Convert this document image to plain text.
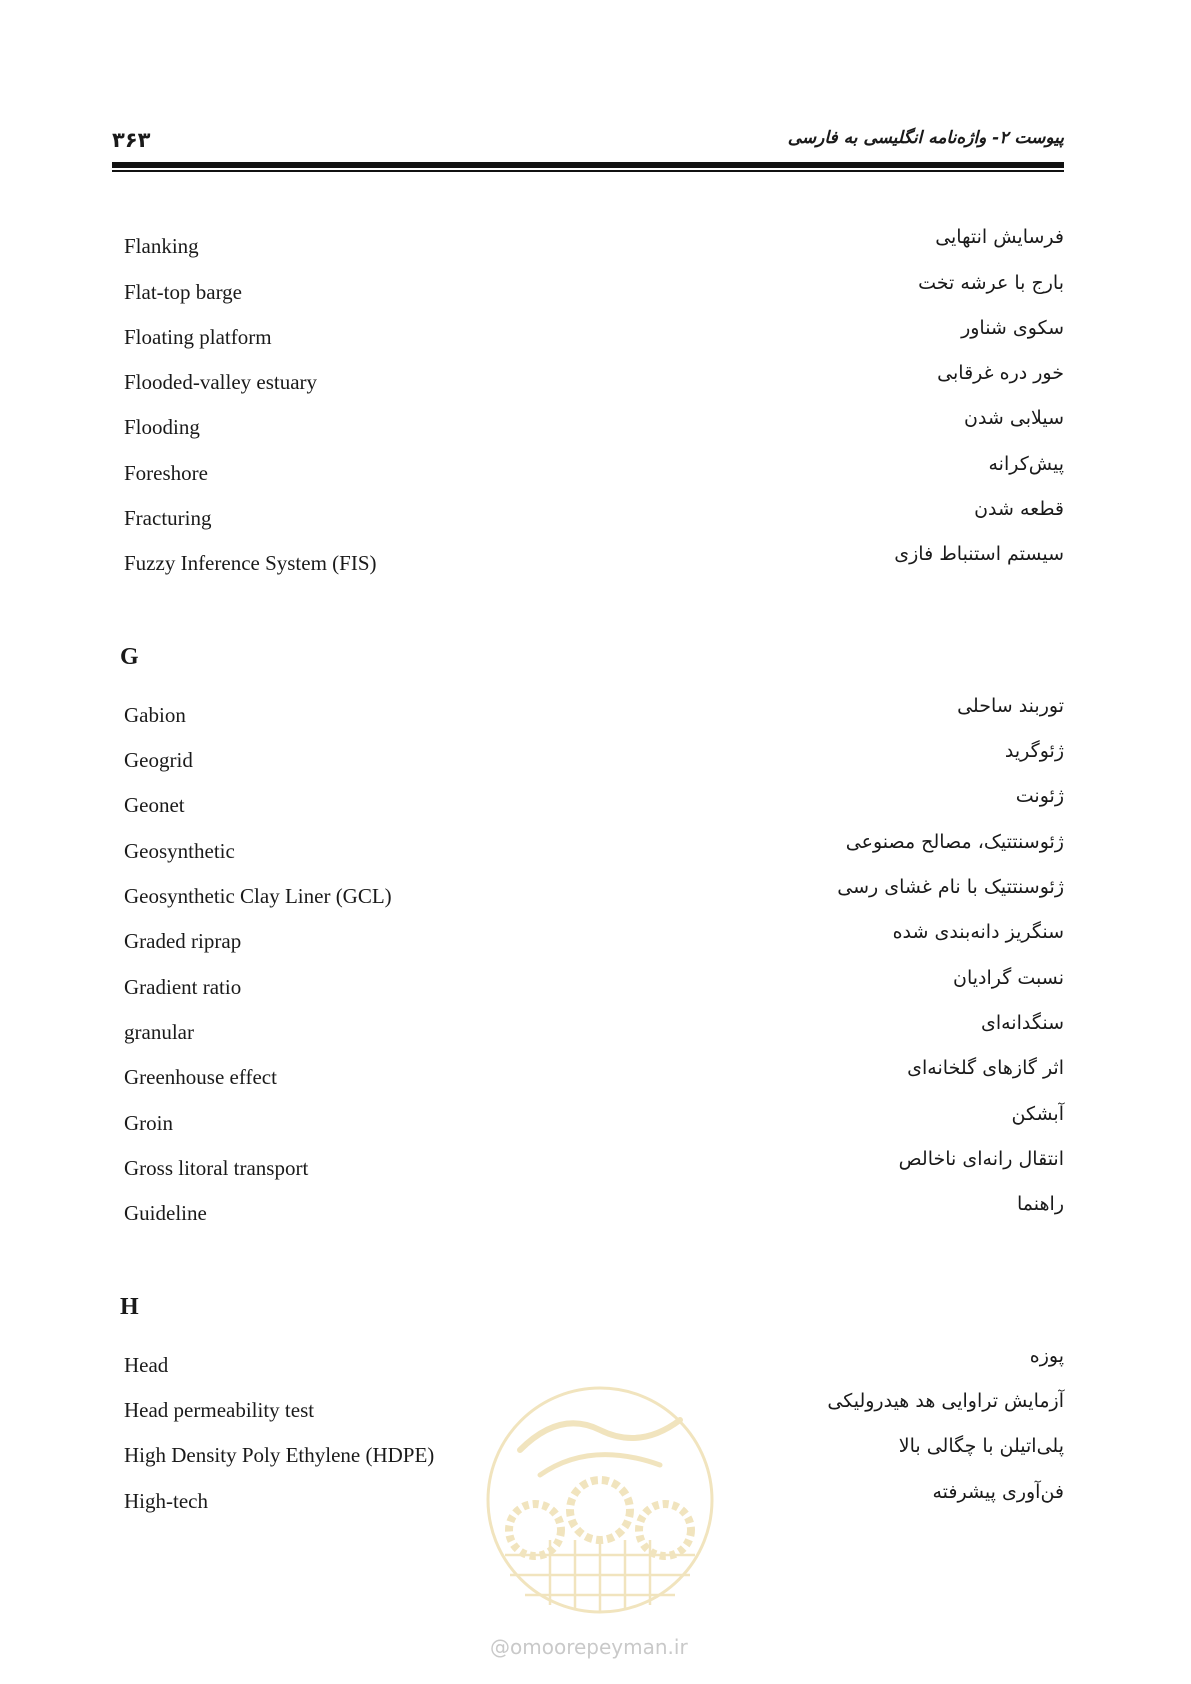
۳۶۳	پیوست ۲- واژه‌نامه انگلیسی به فارسی
Flanking	فرسایش انتهایی
Flat-top barge	بارج با عرشه تخت
Floating platform	سکوی شناور
Flooded-valley estuary	خور دره غرقابی
Flooding	سیلابی شدن
Foreshore	پیش‌کرانه
Fracturing	قطعه شدن
Fuzzy Inference System (FIS)	سیستم استنباط فازی
G
Gabion	توربند ساحلی
Geogrid	ژئوگرید
Geonet	ژئونت
Geosynthetic	ژئوسنتتیک، مصالح مصنوعی
Geosynthetic Clay Liner (GCL)	ژئوسنتتیک با نام غشای رسی
Graded riprap	سنگریز دانه‌بندی شده
Gradient ratio	نسبت گرادیان
granular	سنگدانه‌ای
Greenhouse effect	اثر گازهای گلخانه‌ای
Groin	آبشکن
Gross litoral transport	انتقال رانه‌ای ناخالص
Guideline	راهنما
H
Head	پوزه
Head permeability test	آزمایش تراوایی هد هیدرولیکی
High Density Poly Ethylene (HDPE)	پلی‌اتیلن با چگالی بالا
High-tech	فن‌آوری پیشرفته
@omoorepeyman.ir
